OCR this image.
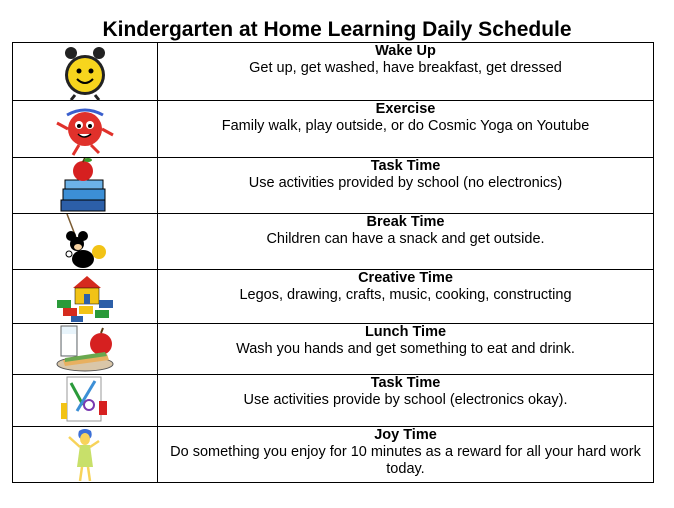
Kindergarten at Home Learning Daily Schedule

Wake Up
Get up, get washed, have breakfast, get dressed

Exercise
Family walk, play outside, or do Cosmic Yoga on Youtube

Task Time
Use activities provided by school (no electronics)

Break Time
Children can have a snack and get outside.

Creative Time
Legos, drawing, crafts, music, cooking, constructing

Lunch Time
Wash you hands and get something to eat and drink.

Task Time
Use activities provide by school (electronics okay).

Joy Time
Do something you enjoy for 10 minutes as a reward for all your hard work today.
